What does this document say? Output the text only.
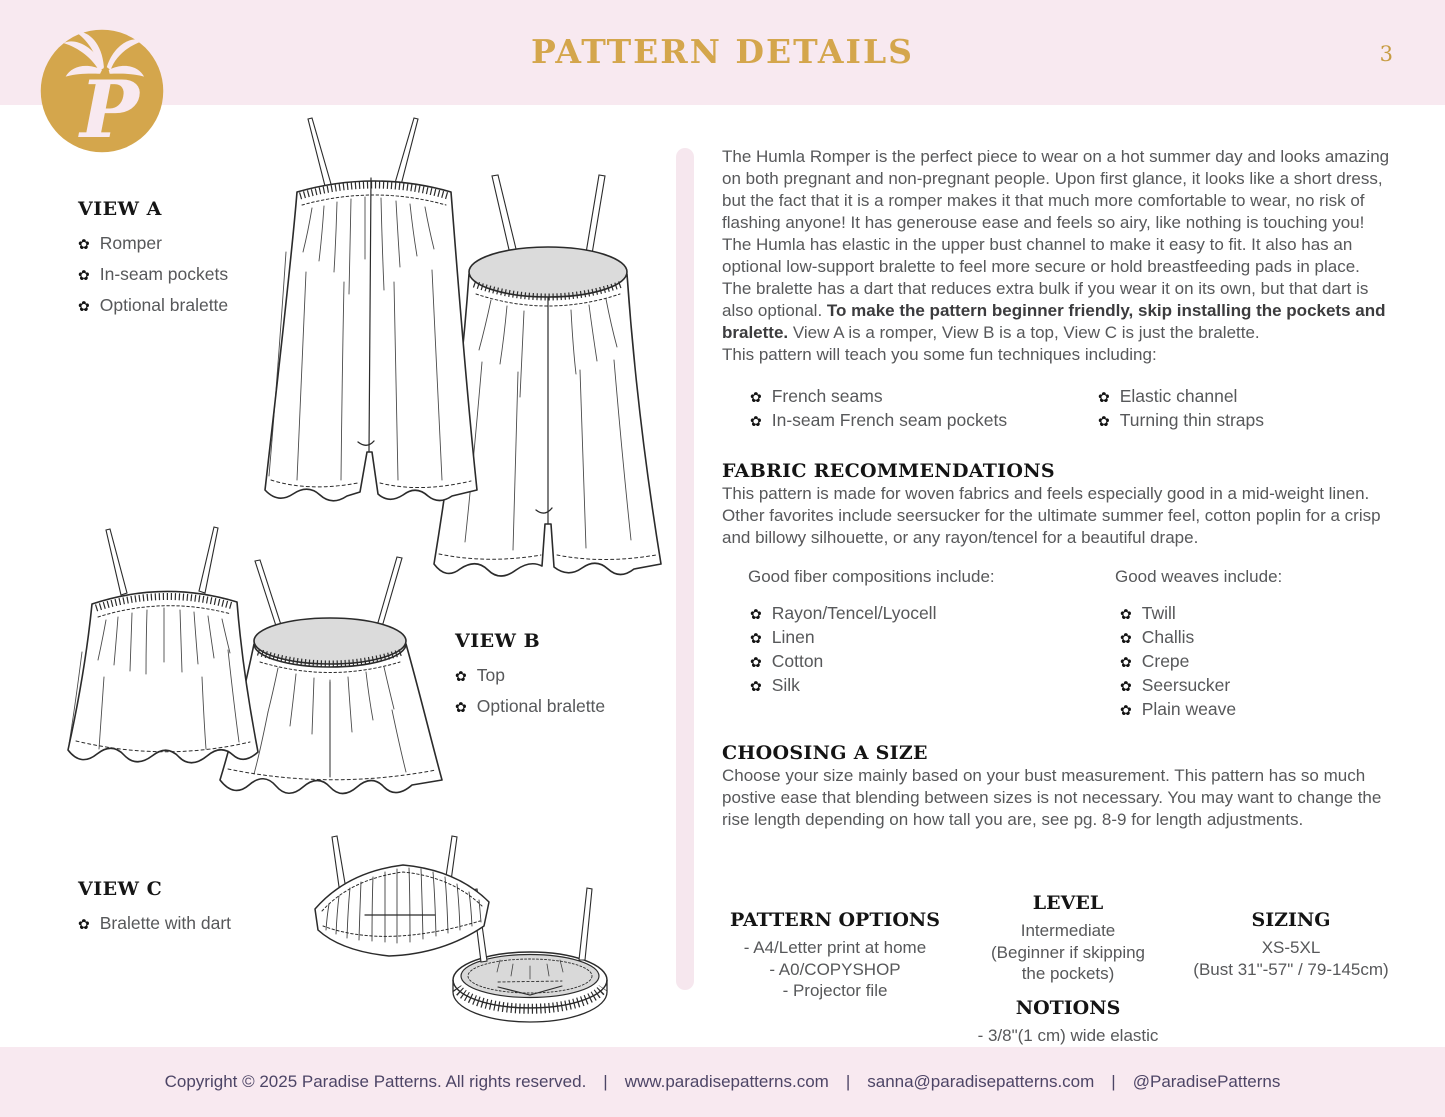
PATTERN DETAILS	3
P
VIEW A
✿ Romper
✿ In-seam pockets
✿ Optional bralette
VIEW B
✿ Top
✿ Optional bralette
VIEW C
✿ Bralette with dart

The Humla Romper is the perfect piece to wear on a hot summer day and looks amazing on both pregnant and non-pregnant people. Upon first glance, it looks like a short dress, but the fact that it is a romper makes it that much more comfortable to wear, no risk of flashing anyone! It has generouse ease and feels so airy, like nothing is touching you! The Humla has elastic in the upper bust channel to make it easy to fit. It also has an optional low-support bralette to feel more secure or hold breastfeeding pads in place. The bralette has a dart that reduces extra bulk if you wear it on its own, but that dart is also optional. To make the pattern beginner friendly, skip installing the pockets and bralette. View A is a romper, View B is a top, View C is just the bralette.

This pattern will teach you some fun techniques including:
✿ French seams
✿ In-seam French seam pockets
✿ Elastic channel
✿ Turning thin straps
FABRIC RECOMMENDATIONS

This pattern is made for woven fabrics and feels especially good in a mid-weight linen. Other favorites include seersucker for the ultimate summer feel, cotton poplin for a crisp and billowy silhouette, or any rayon/tencel for a beautiful drape.

Good fiber compositions include:	Good weaves include:
✿ Rayon/Tencel/Lyocell
✿ Linen
✿ Cotton
✿ Silk
✿ Twill
✿ Challis
✿ Crepe
✿ Seersucker
✿ Plain weave
CHOOSING A SIZE

Choose your size mainly based on your bust measurement. This pattern has so much postive ease that blending between sizes is not necessary. You may want to change the rise length depending on how tall you are, see pg. 8-9 for length adjustments.

PATTERN OPTIONS
- A4/Letter print at home
- A0/COPYSHOP
- Projector file
LEVEL
Intermediate
(Beginner if skipping
the pockets)
NOTIONS
- 3/8"(1 cm) wide elastic
SIZING
XS-5XL
(Bust 31"-57" / 79-145cm)
Copyright © 2025 Paradise Patterns. All rights reserved. | www.paradisepatterns.com | sanna@paradisepatterns.com | @ParadisePatterns
